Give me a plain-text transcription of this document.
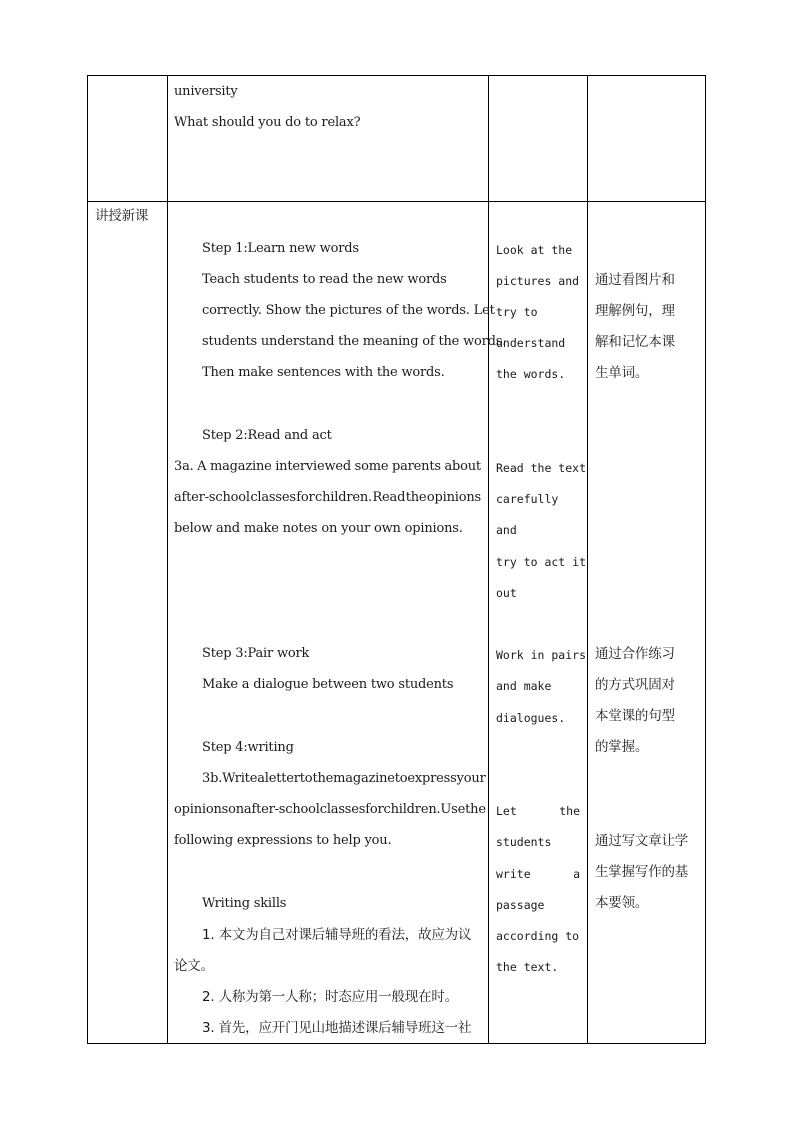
university
What should you do to relax?
讲授新课
Step 1:Learn new words
Teach students to read the new words
correctly. Show the pictures of the words. Let
students understand the meaning of the words.
Then make sentences with the words.
Step 2:Read and act
3a. A magazine interviewed some parents about
after-school classes for children. Read the opinions
below and make notes on your own opinions.
Step 3:Pair work
Make a dialogue between two students
Step 4:writing
3b.Write a letter to the magazine to express your
opinions on after-school classes for children. Use the
following expressions to help you.
Writing skills
1. 本文为自己对课后辅导班的看法，故应为议
论文。
2. 人称为第一人称；时态应用一般现在时。
3. 首先，应开门见山地描述课后辅导班这一社
Look at the
pictures and
try to
understand
the words.
Read the text
carefully
and
try to act it
out
Work in pairs
and make
dialogues.
Let	the
students
write	a
passage
according to
the text.
通过看图片和
理解例句，理
解和记忆本课
生单词。
通过合作练习
的方式巩固对
本堂课的句型
的掌握。
通过写文章让学
生掌握写作的基
本要领。
